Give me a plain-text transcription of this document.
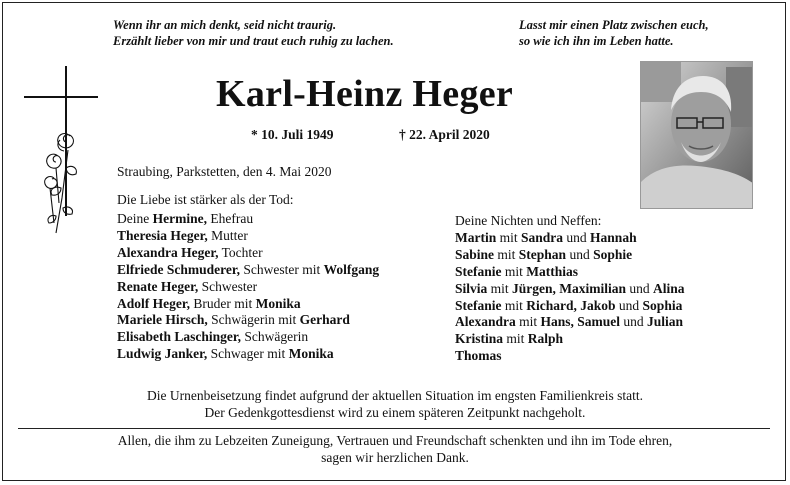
Wenn ihr an mich denkt, seid nicht traurig.
Erzählt lieber von mir und traut euch ruhig zu lachen.
Lasst mir einen Platz zwischen euch,
so wie ich ihn im Leben hatte.
Karl-Heinz Heger
* 10. Juli 1949	† 22. April 2020
Straubing, Parkstetten, den 4. Mai 2020
Die Liebe ist stärker als der Tod:
Deine Hermine, Ehefrau
Theresia Heger, Mutter
Alexandra Heger, Tochter
Elfriede Schmuderer, Schwester mit Wolfgang
Renate Heger, Schwester
Adolf Heger, Bruder mit Monika
Mariele Hirsch, Schwägerin mit Gerhard
Elisabeth Laschinger, Schwägerin
Ludwig Janker, Schwager mit Monika
Deine Nichten und Neffen:
Martin mit Sandra und Hannah
Sabine mit Stephan und Sophie
Stefanie mit Matthias
Silvia mit Jürgen, Maximilian und Alina
Stefanie mit Richard, Jakob und Sophia
Alexandra mit Hans, Samuel und Julian
Kristina mit Ralph
Thomas
Die Urnenbeisetzung findet aufgrund der aktuellen Situation im engsten Familienkreis statt.
Der Gedenkgottesdienst wird zu einem späteren Zeitpunkt nachgeholt.
Allen, die ihm zu Lebzeiten Zuneigung, Vertrauen und Freundschaft schenkten und ihn im Tode ehren,
sagen wir herzlichen Dank.
